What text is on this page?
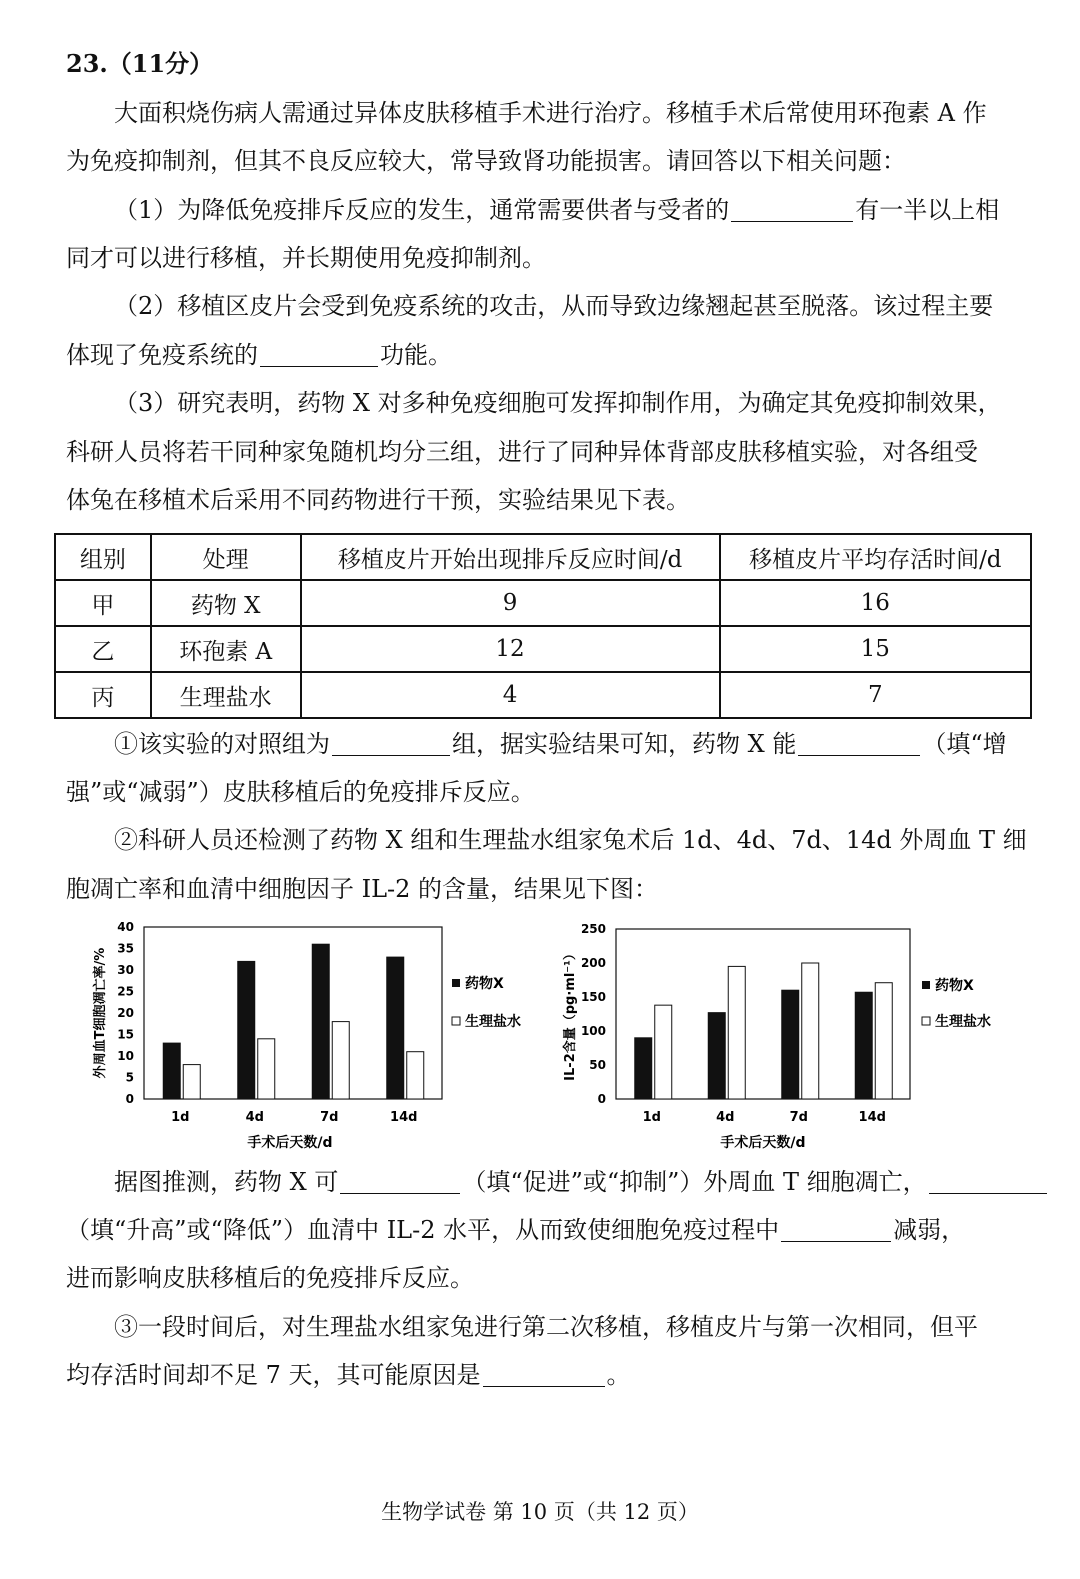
23.（11分）
大面积烧伤病人需通过异体皮肤移植手术进行治疗。移植手术后常使用环孢素 A 作
为免疫抑制剂，但其不良反应较大，常导致肾功能损害。请回答以下相关问题：
（1）为降低免疫排斥反应的发生，通常需要供者与受者的	有一半以上相
同才可以进行移植，并长期使用免疫抑制剂。
（2）移植区皮片会受到免疫系统的攻击，从而导致边缘翘起甚至脱落。该过程主要
体现了免疫系统的	功能。
（3）研究表明，药物 X 对多种免疫细胞可发挥抑制作用，为确定其免疫抑制效果，
科研人员将若干同种家兔随机均分三组，进行了同种异体背部皮肤移植实验，对各组受
体兔在移植术后采用不同药物进行干预，实验结果见下表。
组别	处理	移植皮片开始出现排斥反应时间/d	移植皮片平均存活时间/d
甲	药物 X	9	16
乙	环孢素 A	12	15
丙	生理盐水	4	7
①该实验的对照组为	组，据实验结果可知，药物 X 能	（填“增
强”或“减弱”）皮肤移植后的免疫排斥反应。
②科研人员还检测了药物 X 组和生理盐水组家兔术后 1d、4d、7d、14d 外周血 T 细
胞凋亡率和血清中细胞因子 IL-2 的含量，结果见下图：
外周血T细胞凋亡率/%
手术后天数/d
药物X
生理盐水
0
5
10
15
20
25
30
35
40
1d	4d	7d	14d
IL-2含量（pg·ml⁻¹）
手术后天数/d
药物X
生理盐水
0
50
100
150
200
250
1d	4d	7d	14d
据图推测，药物 X 可	（填“促进”或“抑制”）外周血 T 细胞凋亡，
（填“升高”或“降低”）血清中 IL-2 水平，从而致使细胞免疫过程中	减弱，
进而影响皮肤移植后的免疫排斥反应。
③一段时间后，对生理盐水组家兔进行第二次移植，移植皮片与第一次相同，但平
均存活时间却不足 7 天，其可能原因是	。
生物学试卷 第 10 页（共 12 页）
